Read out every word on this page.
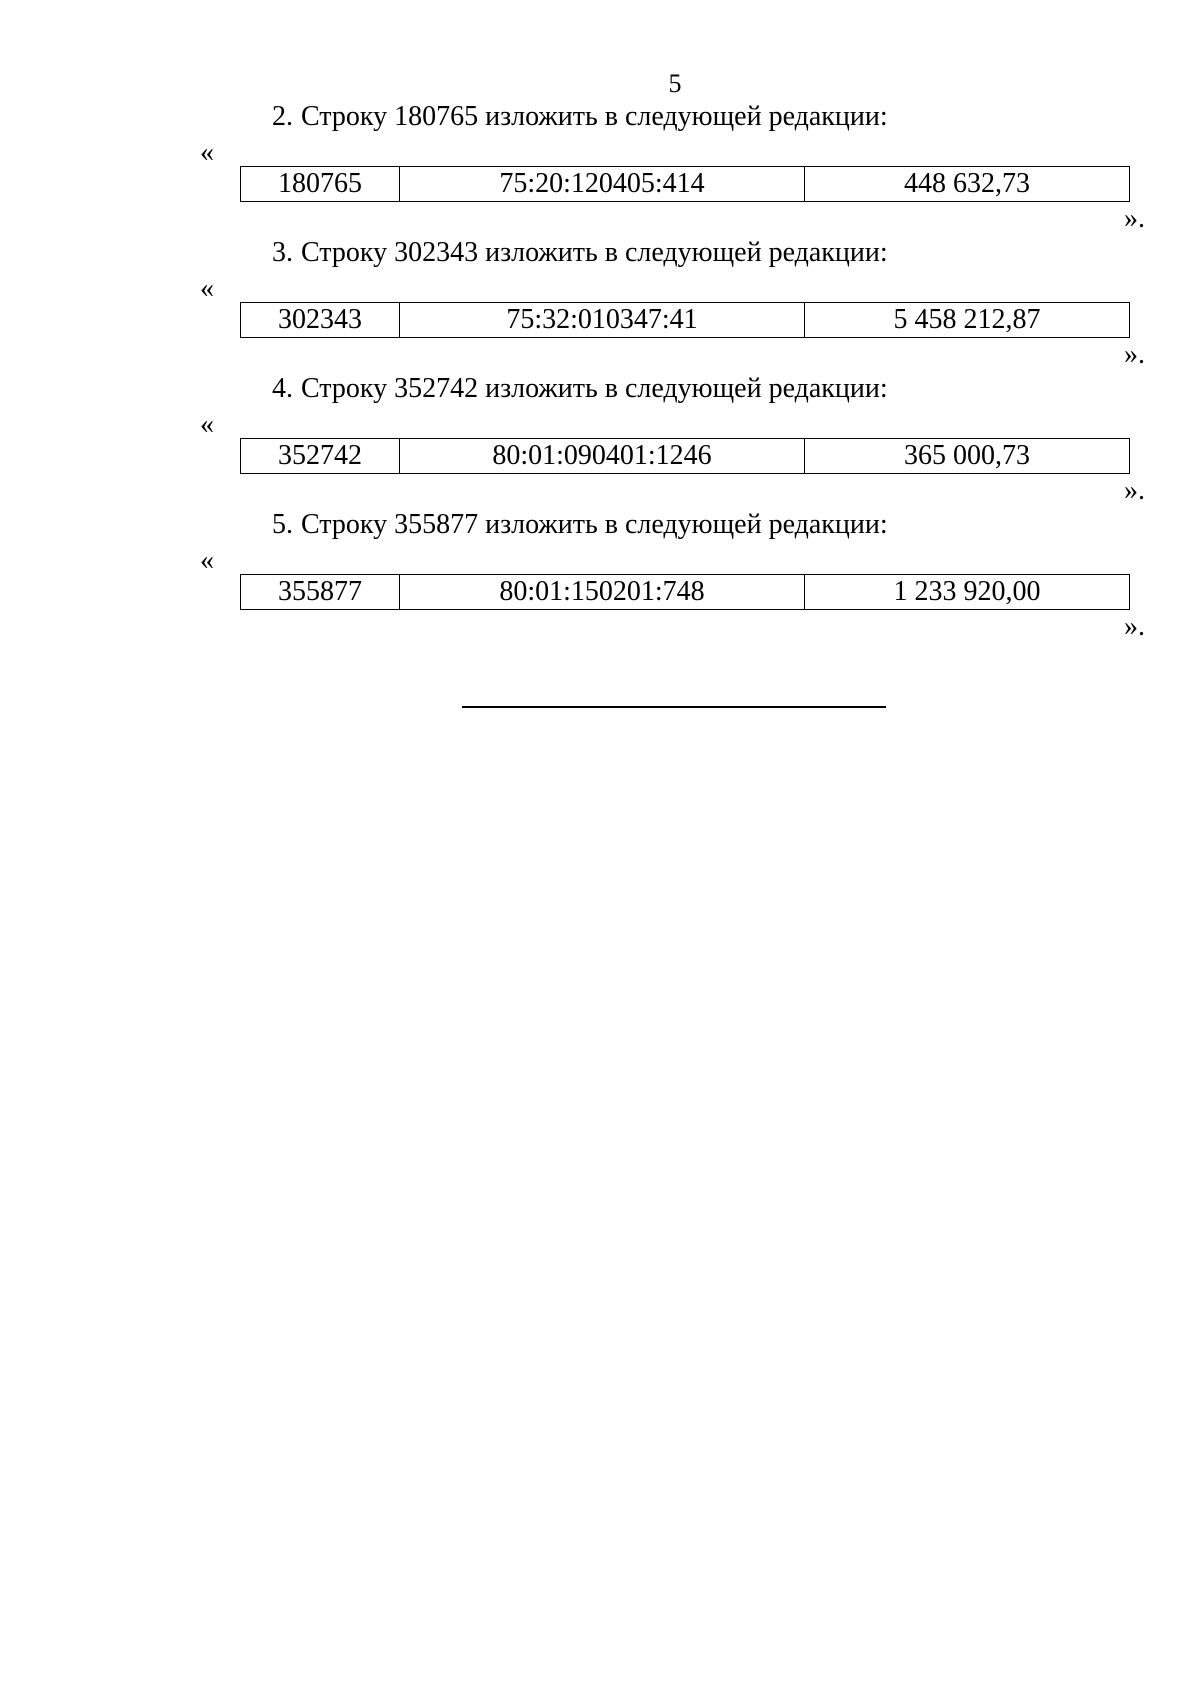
5
2. Строку 180765 изложить в следующей редакции:
«
180765	75:20:120405:414	448 632,73
».
3. Строку 302343 изложить в следующей редакции:
«
302343	75:32:010347:41	5 458 212,87
».
4. Строку 352742 изложить в следующей редакции:
«
352742	80:01:090401:1246	365 000,73
».
5. Строку 355877 изложить в следующей редакции:
«
355877	80:01:150201:748	1 233 920,00
».
